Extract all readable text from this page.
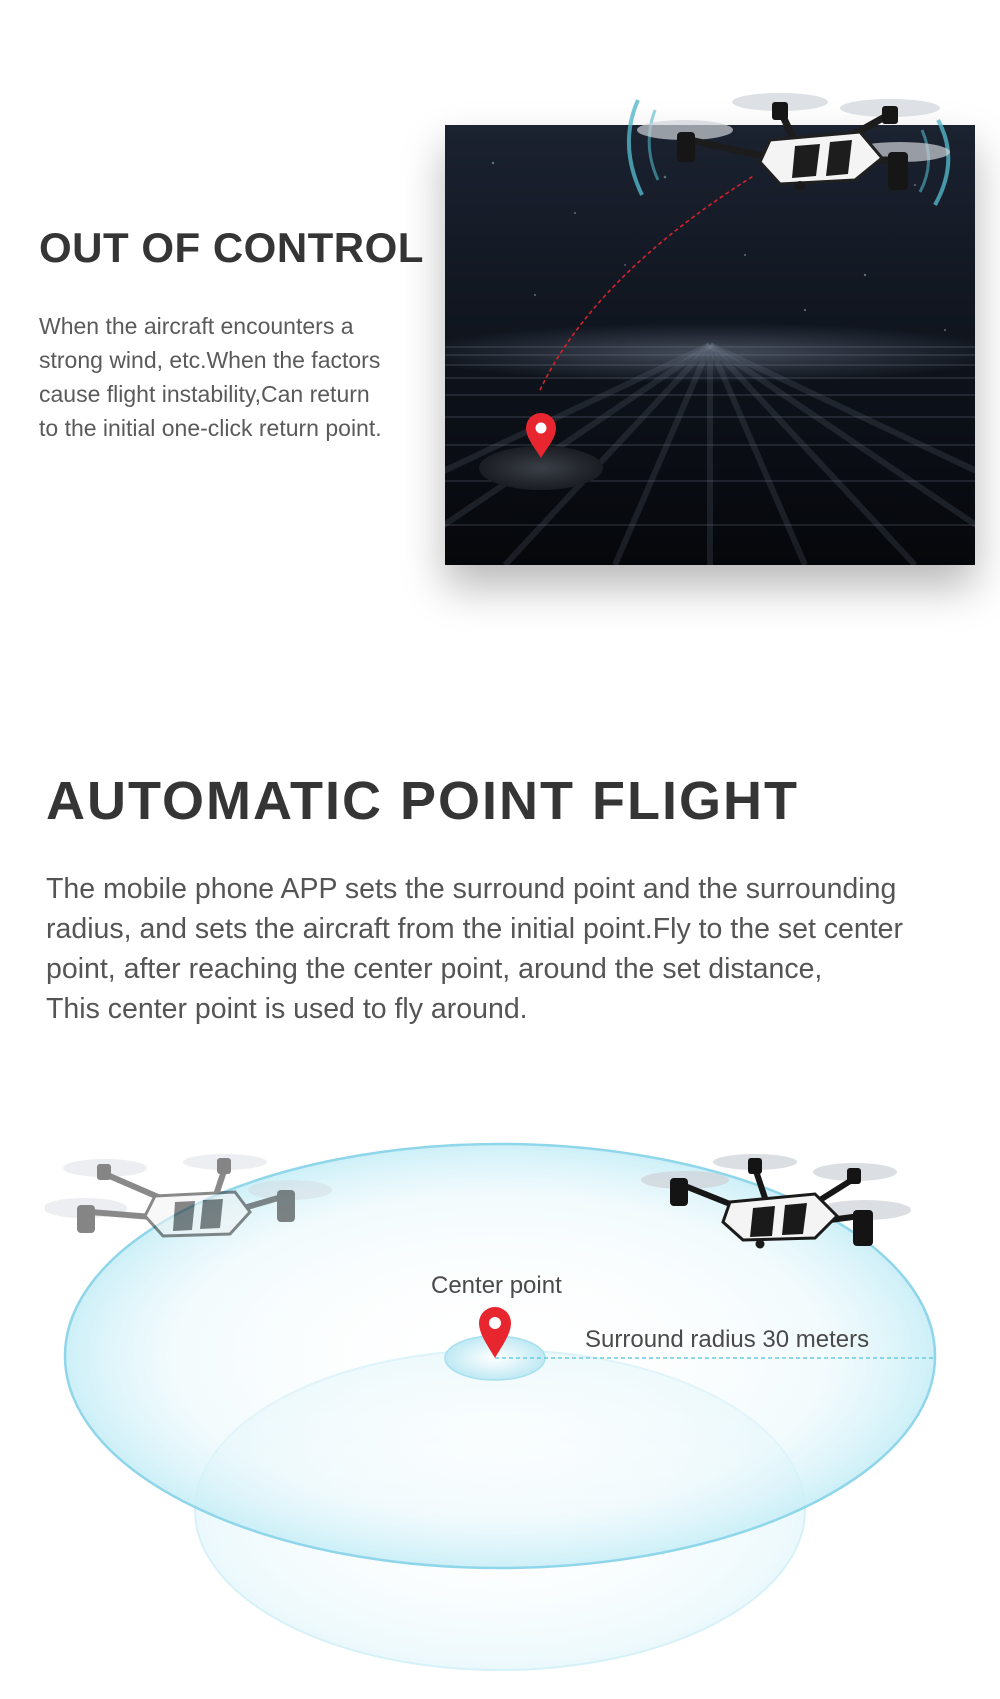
OUT OF CONTROL

When the aircraft encounters a
strong wind, etc.When the factors
cause flight instability,Can return
to the initial one-click return point.

AUTOMATIC POINT FLIGHT

The mobile phone APP sets the surround point and the surrounding
radius, and sets the aircraft from the initial point.Fly to the set center
point, after reaching the center point, around the set distance,
This center point is used to fly around.

Center point
Surround radius 30 meters
